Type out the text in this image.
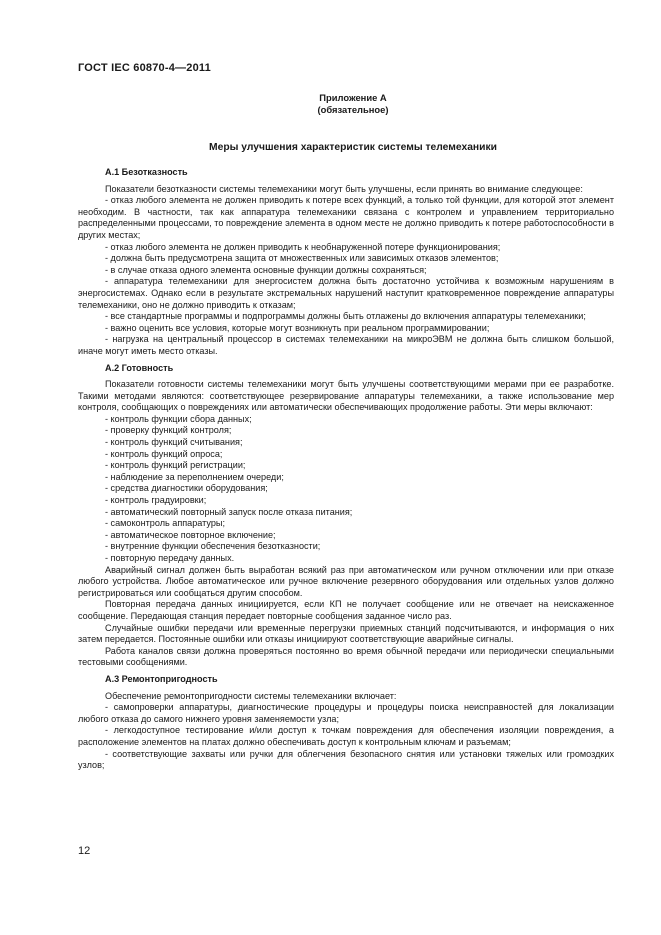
ГОСТ IEC 60870-4—2011
Приложение А
(обязательное)
Меры улучшения характеристик системы телемеханики

А.1 Безотказность

Показатели безотказности системы телемеханики могут быть улучшены, если принять во внимание следующее:

- отказ любого элемента не должен приводить к потере всех функций, а только той функции, для которой этот элемент необходим. В частности, так как аппаратура телемеханики связана с контролем и управлением территориально распределенными процессами, то повреждение элемента в одном месте не должно приводить к потере работоспособности в других местах;

- отказ любого элемента не должен приводить к необнаруженной потере функционирования;

- должна быть предусмотрена защита от множественных или зависимых отказов элементов;

- в случае отказа одного элемента основные функции должны сохраняться;

- аппаратура телемеханики для энергосистем должна быть достаточно устойчива к возможным нарушениям в энергосистемах. Однако если в результате экстремальных нарушений наступит кратковременное повреждение аппаратуры телемеханики, оно не должно приводить к отказам;

- все стандартные программы и подпрограммы должны быть отлажены до включения аппаратуры телемеханики;

- важно оценить все условия, которые могут возникнуть при реальном программировании;

- нагрузка на центральный процессор в системах телемеханики на микроЭВМ не должна быть слишком большой, иначе могут иметь место отказы.

А.2 Готовность

Показатели готовности системы телемеханики могут быть улучшены соответствующими мерами при ее разработке. Такими методами являются: соответствующее резервирование аппаратуры телемеханики, а также использование мер контроля, сообщающих о повреждениях или автоматически обеспечивающих продолжение работы. Эти меры включают:

- контроль функции сбора данных;

- проверку функций контроля;

- контроль функций считывания;

- контроль функций опроса;

- контроль функций регистрации;

- наблюдение за переполнением очереди;

- средства диагностики оборудования;

- контроль градуировки;

- автоматический повторный запуск после отказа питания;

- самоконтроль аппаратуры;

- автоматическое повторное включение;

- внутренние функции обеспечения безотказности;

- повторную передачу данных.

Аварийный сигнал должен быть выработан всякий раз при автоматическом или ручном отключении или при отказе любого устройства. Любое автоматическое или ручное включение резервного оборудования или отдельных узлов должно регистрироваться или сообщаться другим способом.

Повторная передача данных инициируется, если КП не получает сообщение или не отвечает на неискаженное сообщение. Передающая станция передает повторные сообщения заданное число раз.

Случайные ошибки передачи или временные перегрузки приемных станций подсчитываются, и информация о них затем передается. Постоянные ошибки или отказы инициируют соответствующие аварийные сигналы.

Работа каналов связи должна проверяться постоянно во время обычной передачи или периодически специальными тестовыми сообщениями.

А.3 Ремонтопригодность

Обеспечение ремонтопригодности системы телемеханики включает:

- самопроверки аппаратуры, диагностические процедуры и процедуры поиска неисправностей для локализации любого отказа до самого нижнего уровня заменяемости узла;

- легкодоступное тестирование и/или доступ к точкам повреждения для обеспечения изоляции повреждения, а расположение элементов на платах должно обеспечивать доступ к контрольным ключам и разъемам;

- соответствующие захваты или ручки для облегчения безопасного снятия или установки тяжелых или громоздких узлов;

12
